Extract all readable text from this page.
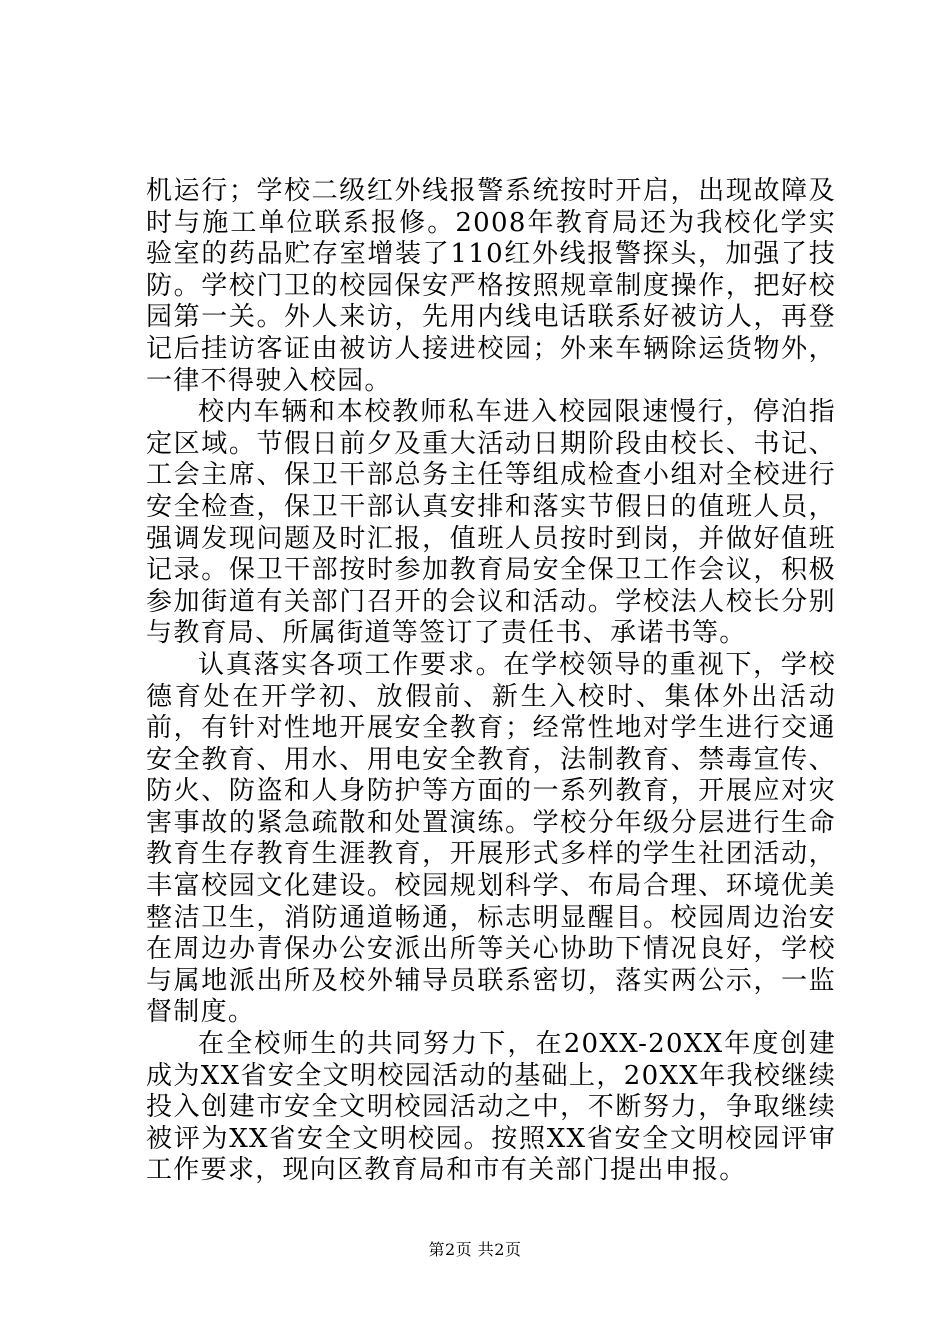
机运行；学校二级红外线报警系统按时开启，出现故障及时与施工单位联系报修。2008年教育局还为我校化学实验室的药品贮存室增装了110红外线报警探头，加强了技防。学校门卫的校园保安严格按照规章制度操作，把好校园第一关。外人来访，先用内线电话联系好被访人，再登记后挂访客证由被访人接进校园；外来车辆除运货物外，一律不得驶入校园。

校内车辆和本校教师私车进入校园限速慢行，停泊指定区域。节假日前夕及重大活动日期阶段由校长、书记、工会主席、保卫干部总务主任等组成检查小组对全校进行安全检查，保卫干部认真安排和落实节假日的值班人员，强调发现问题及时汇报，值班人员按时到岗，并做好值班记录。保卫干部按时参加教育局安全保卫工作会议，积极参加街道有关部门召开的会议和活动。学校法人校长分别与教育局、所属街道等签订了责任书、承诺书等。

认真落实各项工作要求。在学校领导的重视下，学校德育处在开学初、放假前、新生入校时、集体外出活动前，有针对性地开展安全教育；经常性地对学生进行交通安全教育、用水、用电安全教育，法制教育、禁毒宣传、防火、防盗和人身防护等方面的一系列教育，开展应对灾害事故的紧急疏散和处置演练。学校分年级分层进行生命教育生存教育生涯教育，开展形式多样的学生社团活动，丰富校园文化建设。校园规划科学、布局合理、环境优美整洁卫生，消防通道畅通，标志明显醒目。校园周边治安在周边办青保办公安派出所等关心协助下情况良好，学校与属地派出所及校外辅导员联系密切，落实两公示，一监督制度。

在全校师生的共同努力下，在20XX-20XX年度创建成为XX省安全文明校园活动的基础上，20XX年我校继续投入创建市安全文明校园活动之中，不断努力，争取继续被评为XX省安全文明校园。按照XX省安全文明校园评审工作要求，现向区教育局和市有关部门提出申报。

第2页 共2页
